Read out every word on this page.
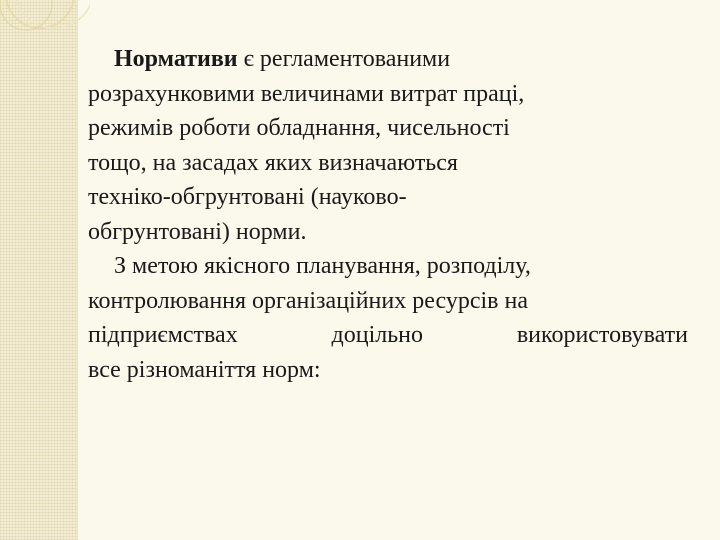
Нормативи є регламентованими
розрахунковими величинами витрат праці,
режимів роботи обладнання, чисельності
тощо, на засадах яких визначаються
техніко-обгрунтовані (науково-
обгрунтовані) норми.
З метою якісного планування, розподілу,
контролювання організаційних ресурсів на
підприємствах доцільно використовувати
все різноманіття норм:
